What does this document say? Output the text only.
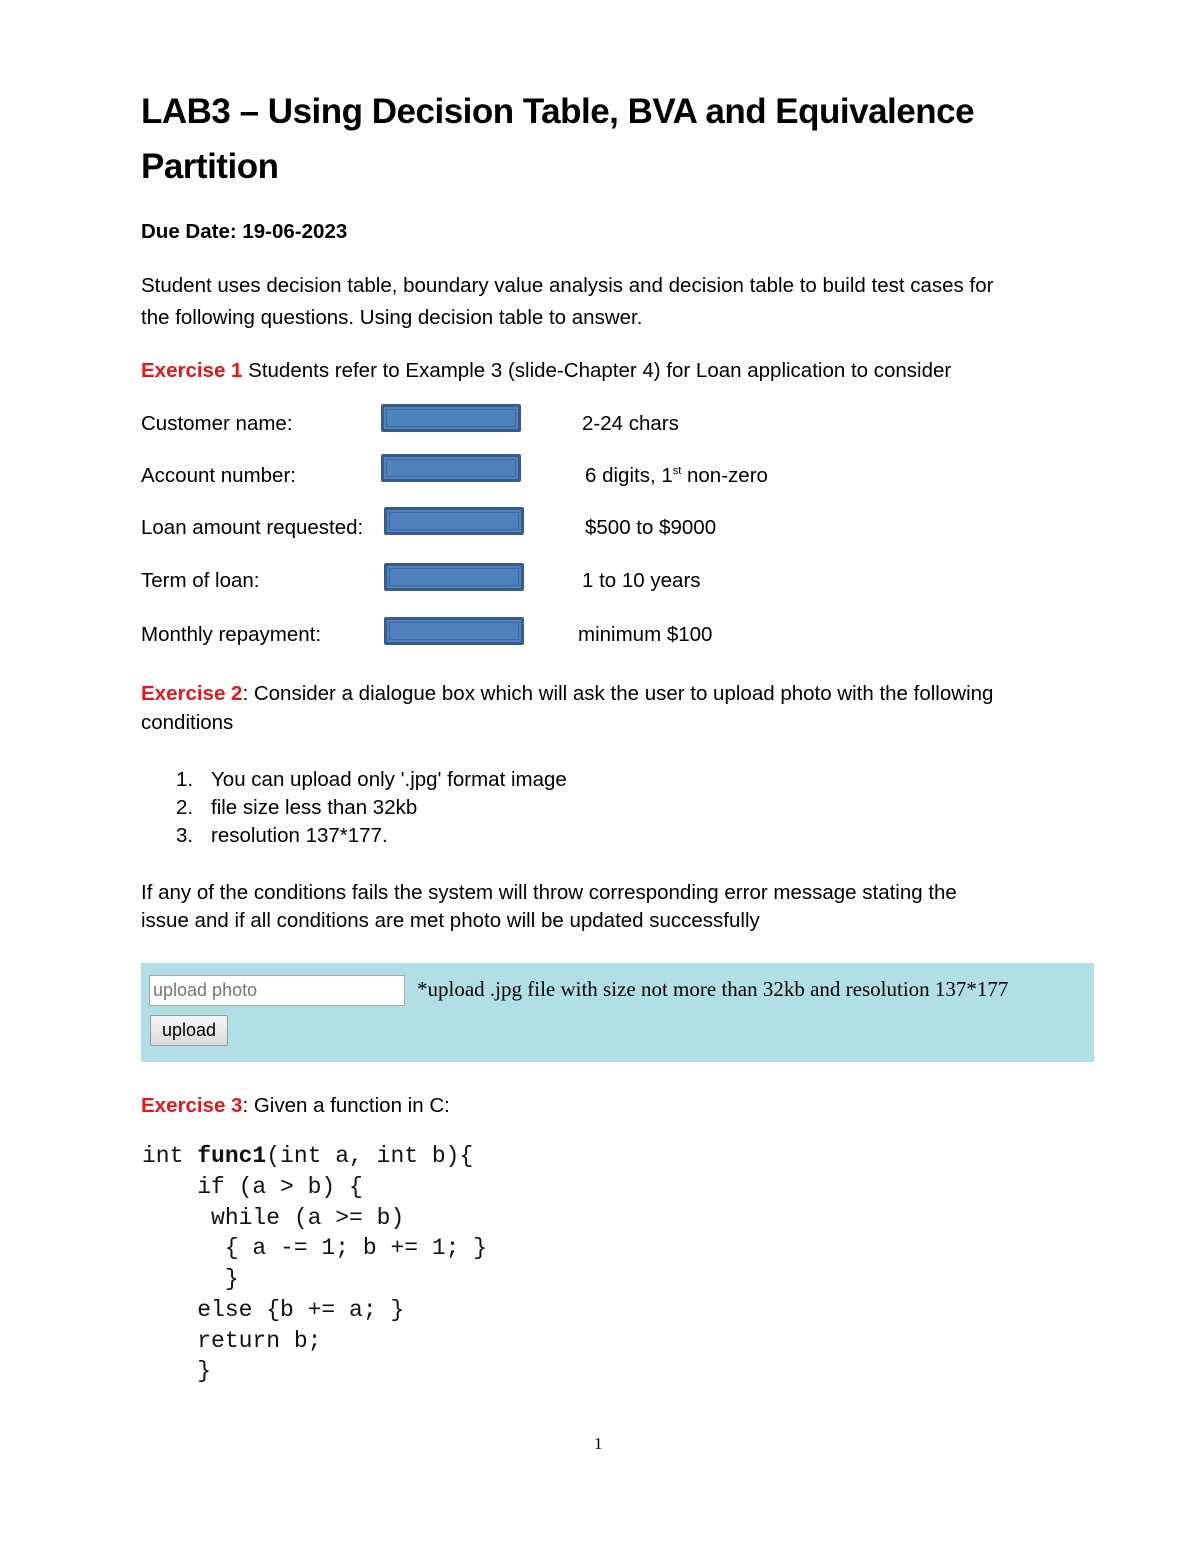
LAB3 – Using Decision Table, BVA and Equivalence
Partition
Due Date: 19-06-2023
Student uses decision table, boundary value analysis and decision table to build test cases for
the following questions. Using decision table to answer.
Exercise 1 Students refer to Example 3 (slide-Chapter 4) for Loan application to consider
Customer name:	2-24 chars
Account number:	6 digits, 1st non-zero
Loan amount requested:	$500 to $9000
Term of loan:	1 to 10 years
Monthly repayment:	minimum $100
Exercise 2: Consider a dialogue box which will ask the user to upload photo with the following
conditions
1. You can upload only '.jpg' format image
2. file size less than 32kb
3. resolution 137*177.
If any of the conditions fails the system will throw corresponding error message stating the
issue and if all conditions are met photo will be updated successfully
upload photo
*upload .jpg file with size not more than 32kb and resolution 137*177
upload
Exercise 3: Given a function in C:
int func1(int a, int b){
if (a > b) {
while (a >= b)
{ a -= 1; b += 1; }
}
else {b += a; }
return b;
}
1
